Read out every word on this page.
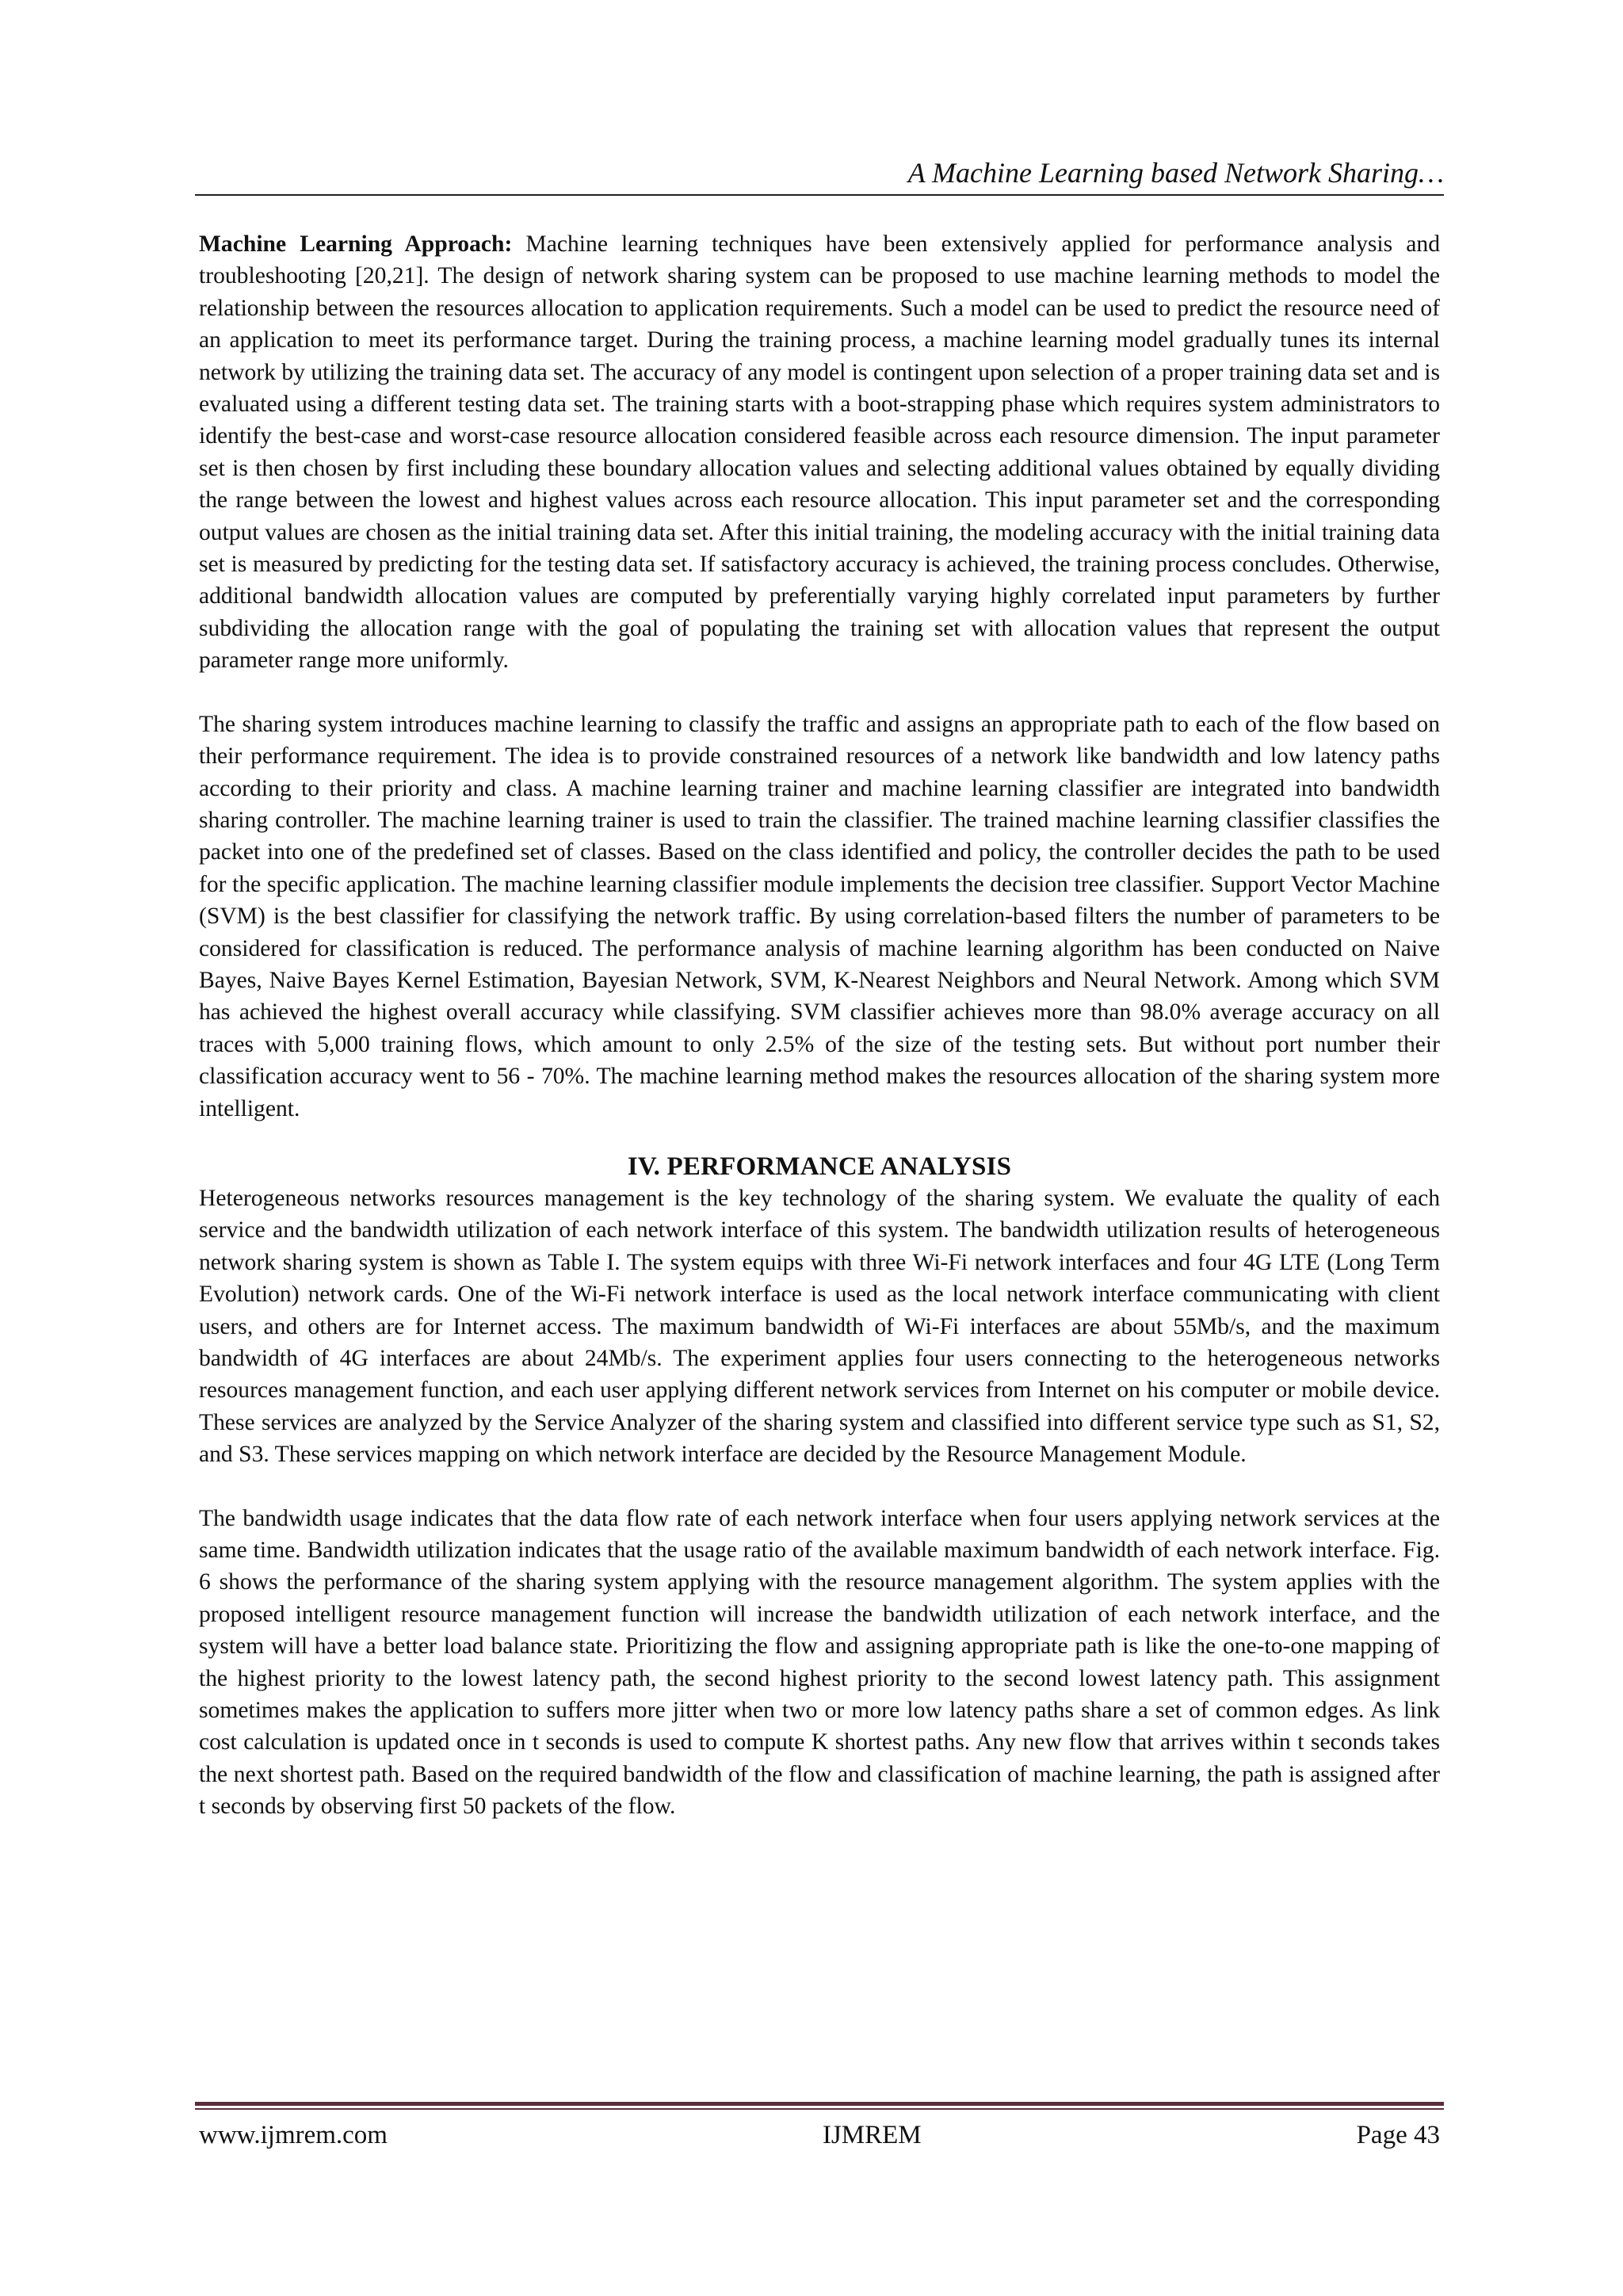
A Machine Learning based Network Sharing…

Machine Learning Approach: Machine learning techniques have been extensively applied for performance analysis and troubleshooting [20,21]. The design of network sharing system can be proposed to use machine learning methods to model the relationship between the resources allocation to application requirements. Such a model can be used to predict the resource need of an application to meet its performance target. During the training process, a machine learning model gradually tunes its internal network by utilizing the training data set. The accuracy of any model is contingent upon selection of a proper training data set and is evaluated using a different testing data set. The training starts with a boot-strapping phase which requires system administrators to identify the best-case and worst-case resource allocation considered feasible across each resource dimension. The input parameter set is then chosen by first including these boundary allocation values and selecting additional values obtained by equally dividing the range between the lowest and highest values across each resource allocation. This input parameter set and the corresponding output values are chosen as the initial training data set. After this initial training, the modeling accuracy with the initial training data set is measured by predicting for the testing data set. If satisfactory accuracy is achieved, the training process concludes. Otherwise, additional bandwidth allocation values are computed by preferentially varying highly correlated input parameters by further subdividing the allocation range with the goal of populating the training set with allocation values that represent the output parameter range more uniformly.

The sharing system introduces machine learning to classify the traffic and assigns an appropriate path to each of the flow based on their performance requirement. The idea is to provide constrained resources of a network like bandwidth and low latency paths according to their priority and class. A machine learning trainer and machine learning classifier are integrated into bandwidth sharing controller. The machine learning trainer is used to train the classifier. The trained machine learning classifier classifies the packet into one of the predefined set of classes. Based on the class identified and policy, the controller decides the path to be used for the specific application. The machine learning classifier module implements the decision tree classifier. Support Vector Machine (SVM) is the best classifier for classifying the network traffic. By using correlation-based filters the number of parameters to be considered for classification is reduced. The performance analysis of machine learning algorithm has been conducted on Naive Bayes, Naive Bayes Kernel Estimation, Bayesian Network, SVM, K-Nearest Neighbors and Neural Network. Among which SVM has achieved the highest overall accuracy while classifying. SVM classifier achieves more than 98.0% average accuracy on all traces with 5,000 training flows, which amount to only 2.5% of the size of the testing sets. But without port number their classification accuracy went to 56 - 70%. The machine learning method makes the resources allocation of the sharing system more intelligent.

IV. PERFORMANCE ANALYSIS

Heterogeneous networks resources management is the key technology of the sharing system. We evaluate the quality of each service and the bandwidth utilization of each network interface of this system. The bandwidth utilization results of heterogeneous network sharing system is shown as Table I. The system equips with three Wi-Fi network interfaces and four 4G LTE (Long Term Evolution) network cards. One of the Wi-Fi network interface is used as the local network interface communicating with client users, and others are for Internet access. The maximum bandwidth of Wi-Fi interfaces are about 55Mb/s, and the maximum bandwidth of 4G interfaces are about 24Mb/s. The experiment applies four users connecting to the heterogeneous networks resources management function, and each user applying different network services from Internet on his computer or mobile device. These services are analyzed by the Service Analyzer of the sharing system and classified into different service type such as S1, S2, and S3. These services mapping on which network interface are decided by the Resource Management Module.

The bandwidth usage indicates that the data flow rate of each network interface when four users applying network services at the same time. Bandwidth utilization indicates that the usage ratio of the available maximum bandwidth of each network interface. Fig. 6 shows the performance of the sharing system applying with the resource management algorithm. The system applies with the proposed intelligent resource management function will increase the bandwidth utilization of each network interface, and the system will have a better load balance state. Prioritizing the flow and assigning appropriate path is like the one-to-one mapping of the highest priority to the lowest latency path, the second highest priority to the second lowest latency path. This assignment sometimes makes the application to suffers more jitter when two or more low latency paths share a set of common edges. As link cost calculation is updated once in t seconds is used to compute K shortest paths. Any new flow that arrives within t seconds takes the next shortest path. Based on the required bandwidth of the flow and classification of machine learning, the path is assigned after t seconds by observing first 50 packets of the flow.

www.ijmrem.com	IJMREM	Page 43
